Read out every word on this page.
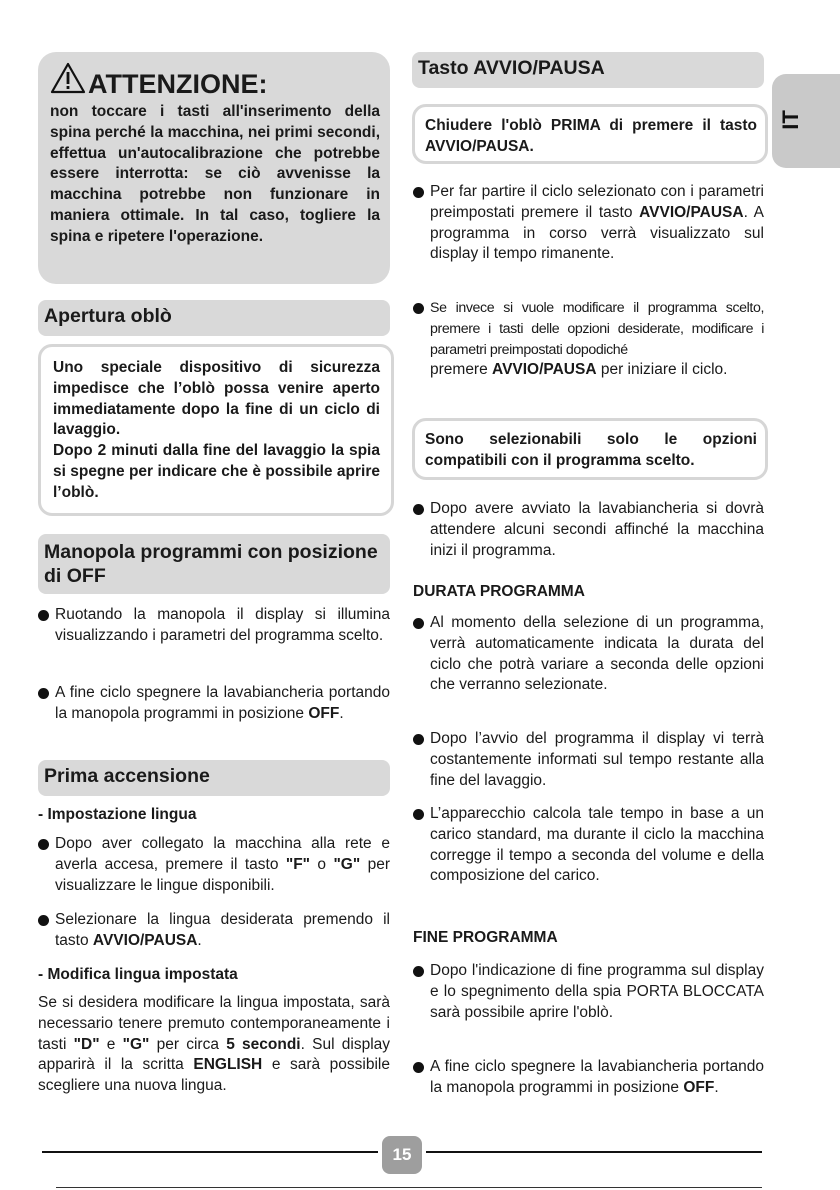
ATTENZIONE:
non toccare i tasti all'inserimento della spina perché la macchina, nei primi secondi, effettua un'autocalibrazione che potrebbe essere interrotta: se ciò avvenisse la macchina potrebbe non funzionare in maniera ottimale. In tal caso, togliere la spina e ripetere l'operazione.
Apertura oblò
Uno speciale dispositivo di sicurezza impedisce che l’oblò possa venire aperto immediatamente dopo la fine di un ciclo di lavaggio.
Dopo 2 minuti dalla fine del lavaggio la spia si spegne per indicare che è possibile aprire l’oblò.
Manopola programmi con posizione di OFF
Ruotando la manopola il display si illumina visualizzando i parametri del programma scelto.
A fine ciclo spegnere la lavabiancheria portando la manopola programmi in posizione OFF.
Prima accensione
- Impostazione lingua
Dopo aver collegato la macchina alla rete e averla accesa, premere il tasto "F" o "G" per visualizzare le lingue disponibili.
Selezionare la lingua desiderata premendo il tasto AVVIO/PAUSA.
- Modifica lingua impostata
Se si desidera modificare la lingua impostata, sarà necessario tenere premuto contemporaneamente i tasti "D" e "G" per circa 5 secondi. Sul display apparirà il la scritta ENGLISH e sarà possibile scegliere una nuova lingua.
Tasto AVVIO/PAUSA
Chiudere l'oblò PRIMA di premere il tasto AVVIO/PAUSA.
Per far partire il ciclo selezionato con i parametri preimpostati premere il tasto AVVIO/PAUSA. A programma in corso verrà visualizzato sul display il tempo rimanente.
Se invece si vuole modificare il programma scelto, premere i tasti delle opzioni desiderate, modificare i parametri preimpostati dopodiché
premere AVVIO/PAUSA per iniziare il ciclo.
Sono selezionabili solo le opzioni compatibili con il programma scelto.
Dopo avere avviato la lavabiancheria si dovrà attendere alcuni secondi affinché la macchina inizi il programma.
DURATA PROGRAMMA
Al momento della selezione di un programma, verrà automaticamente indicata la durata del ciclo che potrà variare a seconda delle opzioni che verranno selezionate.
Dopo l’avvio del programma il display vi terrà costantemente informati sul tempo restante alla fine del lavaggio.
L’apparecchio calcola tale tempo in base a un carico standard, ma durante il ciclo la macchina corregge il tempo a seconda del volume e della composizione del carico.
FINE PROGRAMMA
Dopo l'indicazione di fine programma sul display e lo spegnimento della spia PORTA BLOCCATA sarà possibile aprire l'oblò.
A fine ciclo spegnere la lavabiancheria portando la manopola programmi in posizione OFF.
IT
15
